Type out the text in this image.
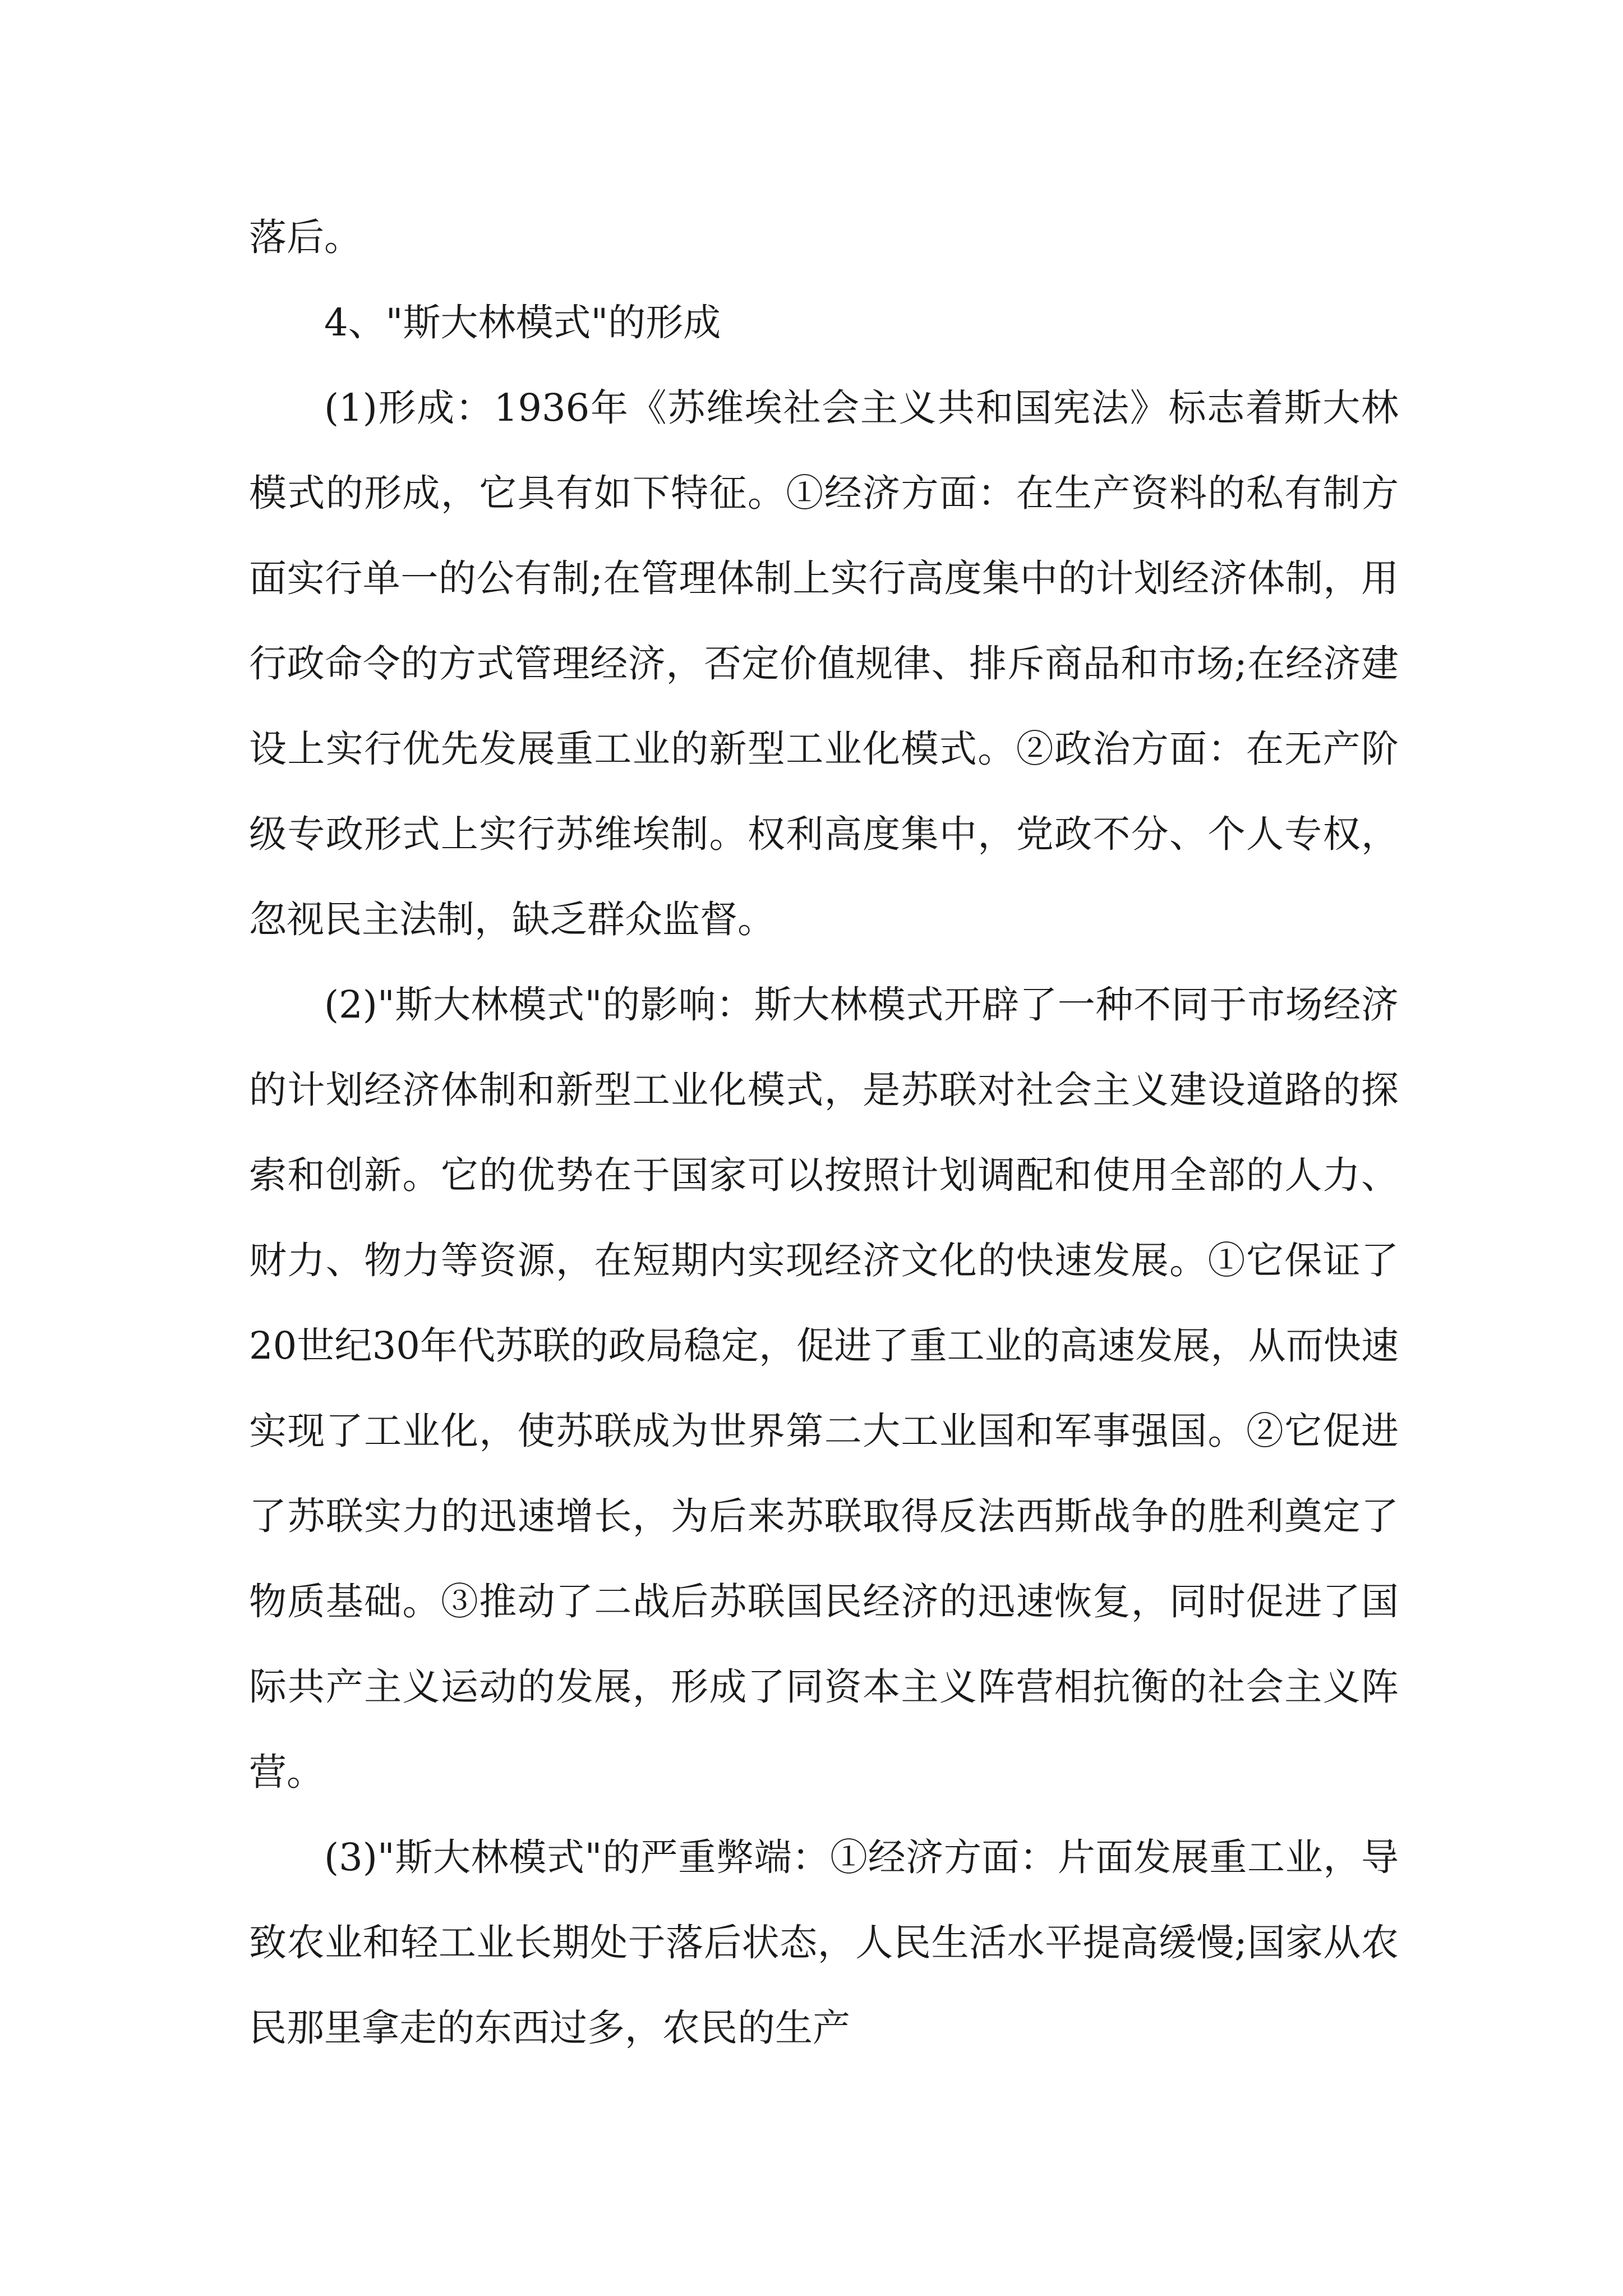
落后。

4、"斯大林模式"的形成

(1)形成：1936年《苏维埃社会主义共和国宪法》标志着斯大林模式的形成，它具有如下特征。①经济方面：在生产资料的私有制方面实行单一的公有制;在管理体制上实行高度集中的计划经济体制，用行政命令的方式管理经济，否定价值规律、排斥商品和市场;在经济建设上实行优先发展重工业的新型工业化模式。②政治方面：在无产阶级专政形式上实行苏维埃制。权利高度集中，党政不分、个人专权，忽视民主法制，缺乏群众监督。

(2)"斯大林模式"的影响：斯大林模式开辟了一种不同于市场经济的计划经济体制和新型工业化模式，是苏联对社会主义建设道路的探索和创新。它的优势在于国家可以按照计划调配和使用全部的人力、财力、物力等资源，在短期内实现经济文化的快速发展。①它保证了20世纪30年代苏联的政局稳定，促进了重工业的高速发展，从而快速实现了工业化，使苏联成为世界第二大工业国和军事强国。②它促进了苏联实力的迅速增长，为后来苏联取得反法西斯战争的胜利奠定了物质基础。③推动了二战后苏联国民经济的迅速恢复，同时促进了国际共产主义运动的发展，形成了同资本主义阵营相抗衡的社会主义阵营。

(3)"斯大林模式"的严重弊端：①经济方面：片面发展重工业，导致农业和轻工业长期处于落后状态，人民生活水平提高缓慢;国家从农民那里拿走的东西过多，农民的生产
